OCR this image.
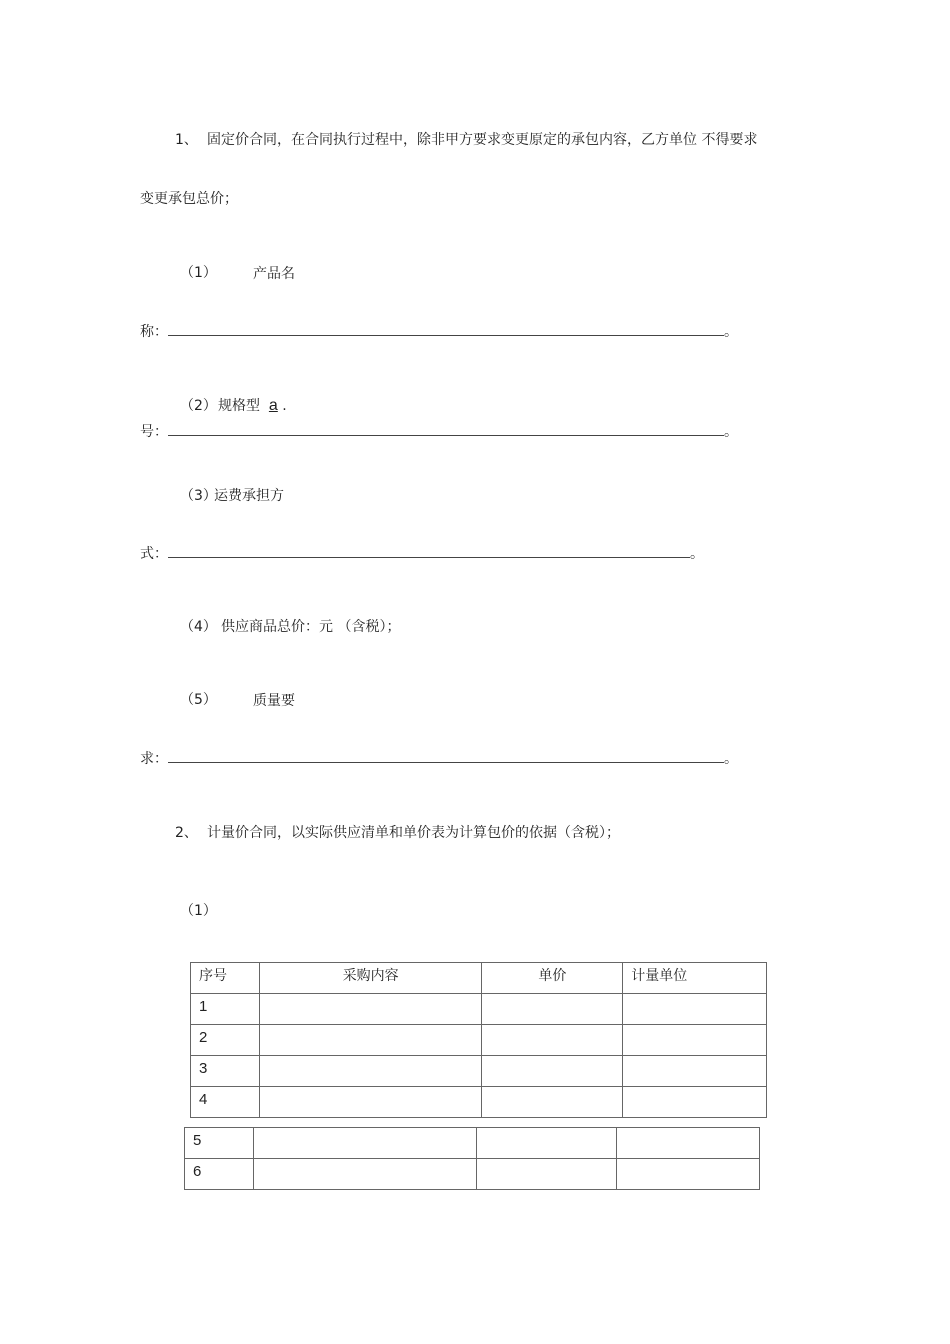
1、 固定价合同，在合同执行过程中，除非甲方要求变更原定的承包内容，乙方单位 不得要求
变更承包总价；
（1）	产品名
称：	。
（2） 规格型 a .
号：	。
（3）
运费承担方
式：	。
（4） 供应商品总价：元 （含税）；
（5）	质量要
求：	。
2、 计量价合同，以实际供应清单和单价表为计算包价的依据（含税）；
（1）
序号	采购内容	单价	计量单位
1			
2			
3			
4			
5			
6			
